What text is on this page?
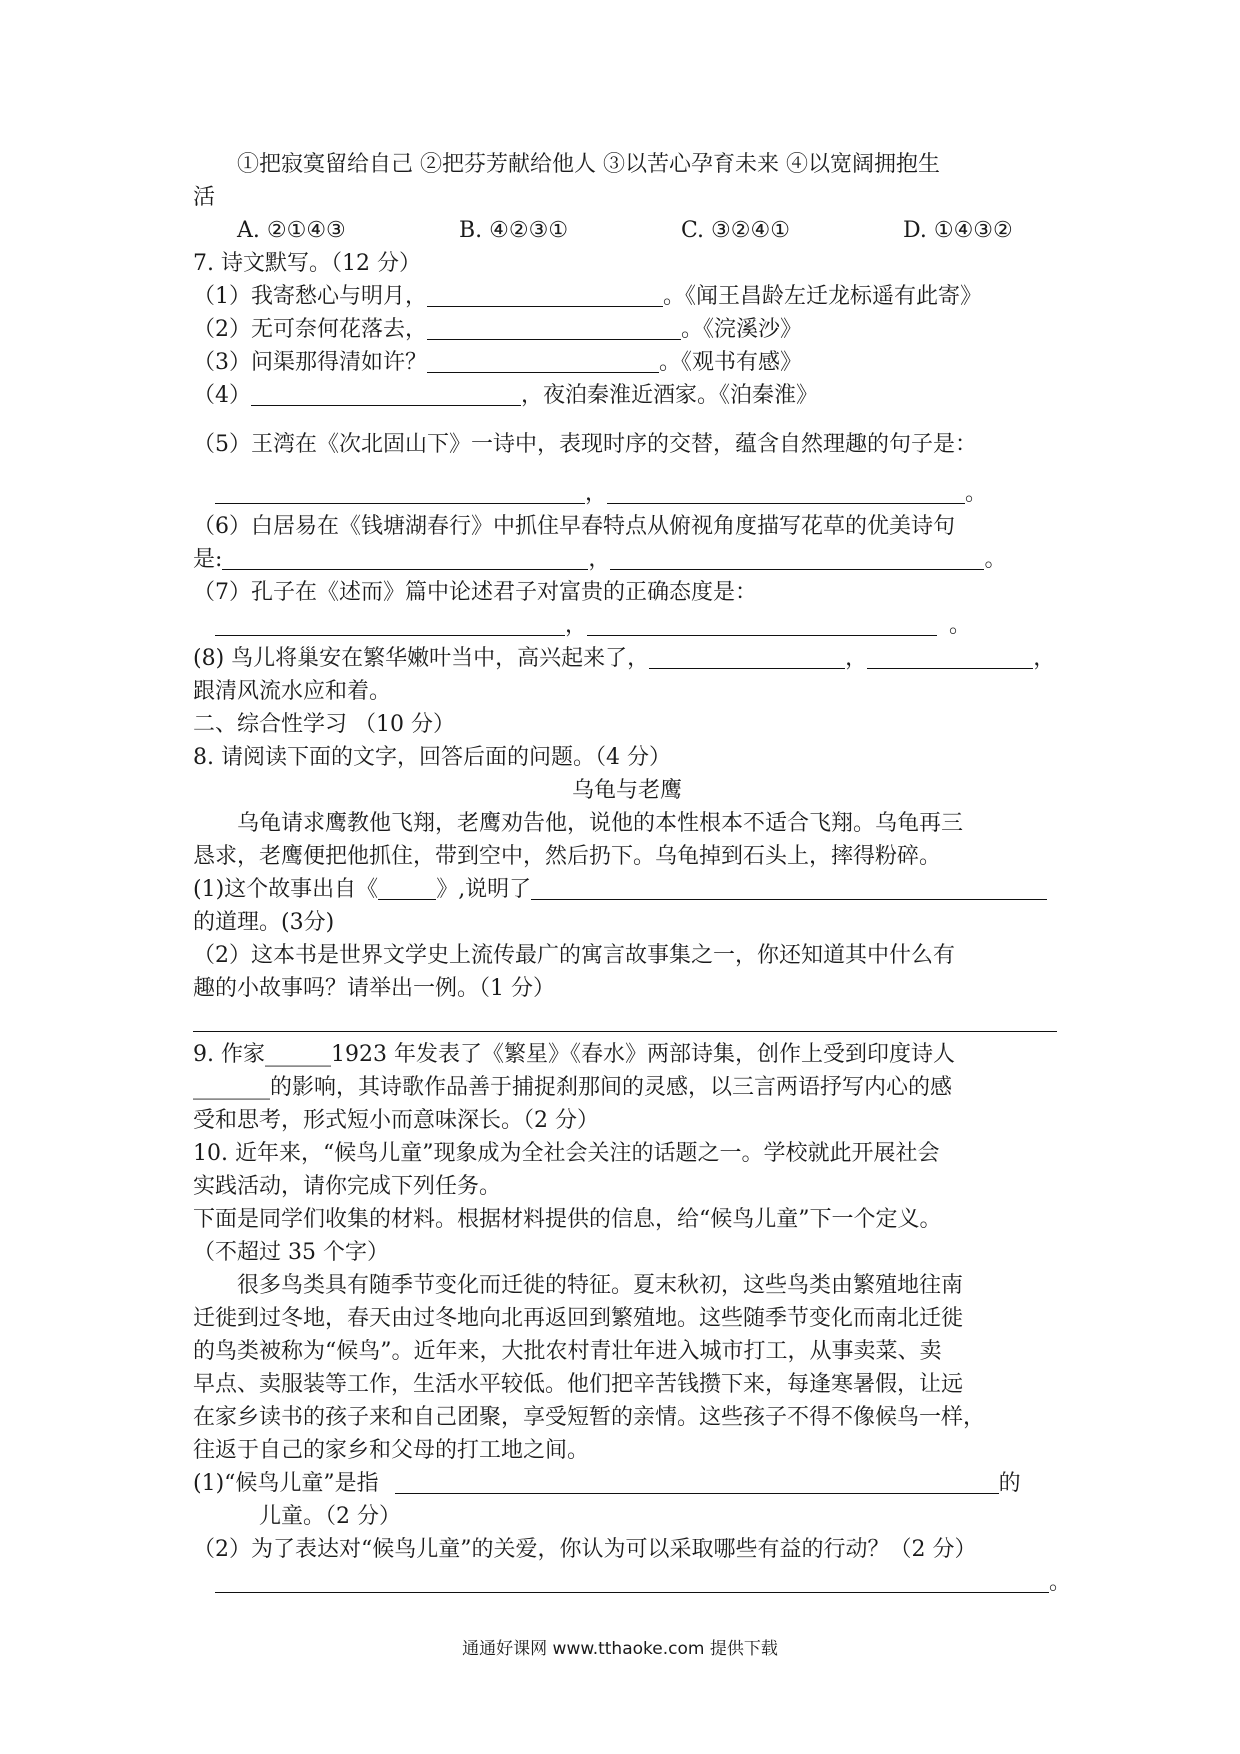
①把寂寞留给自己 ②把芬芳献给他人 ③以苦心孕育未来 ④以宽阔拥抱生
活
A. ②①④③	B. ④②③①	C. ③②④①	D. ①④③②
7. 诗文默写。（12 分）
（1）我寄愁心与明月，	。《闻王昌龄左迁龙标遥有此寄》
（2）无可奈何花落去，	。《浣溪沙》
（3）问渠那得清如许？	。《观书有感》
（4）	，夜泊秦淮近酒家。《泊秦淮》
（5）王湾在《次北固山下》一诗中，表现时序的交替，蕴含自然理趣的句子是：
，	。
（6）白居易在《钱塘湖春行》中抓住早春特点从俯视角度描写花草的优美诗句
是:	，	。
（7）孔子在《述而》篇中论述君子对富贵的正确态度是：
，	。
(8) 鸟儿将巢安在繁华嫩叶当中，高兴起来了，	，	，
跟清风流水应和着。
二、综合性学习 （10 分）
8. 请阅读下面的文字，回答后面的问题。（4 分）
乌龟与老鹰
乌龟请求鹰教他飞翔，老鹰劝告他，说他的本性根本不适合飞翔。乌龟再三
恳求，老鹰便把他抓住，带到空中，然后扔下。乌龟掉到石头上，摔得粉碎。
(1)这个故事出自《	》,说明了
的道理。(3分)
（2）这本书是世界文学史上流传最广的寓言故事集之一，你还知道其中什么有
趣的小故事吗？请举出一例。（1 分）
9. 作家______1923 年发表了《繁星》《春水》两部诗集，创作上受到印度诗人
_______的影响，其诗歌作品善于捕捉刹那间的灵感，以三言两语抒写内心的感
受和思考，形式短小而意味深长。（2 分）
10. 近年来，“候鸟儿童”现象成为全社会关注的话题之一。学校就此开展社会
实践活动，请你完成下列任务。
下面是同学们收集的材料。根据材料提供的信息，给“候鸟儿童”下一个定义。
（不超过 35 个字）
很多鸟类具有随季节变化而迁徙的特征。夏末秋初，这些鸟类由繁殖地往南
迁徙到过冬地，春天由过冬地向北再返回到繁殖地。这些随季节变化而南北迁徙
的鸟类被称为“候鸟”。近年来，大批农村青壮年进入城市打工，从事卖菜、卖
早点、卖服装等工作，生活水平较低。他们把辛苦钱攒下来，每逢寒暑假，让远
在家乡读书的孩子来和自己团聚，享受短暂的亲情。这些孩子不得不像候鸟一样，
往返于自己的家乡和父母的打工地之间。
(1)“候鸟儿童”是指	的
儿童。（2 分）
（2）为了表达对“候鸟儿童”的关爱，你认为可以采取哪些有益的行动？（2 分）
。
通通好课网 www.tthaoke.com 提供下载
